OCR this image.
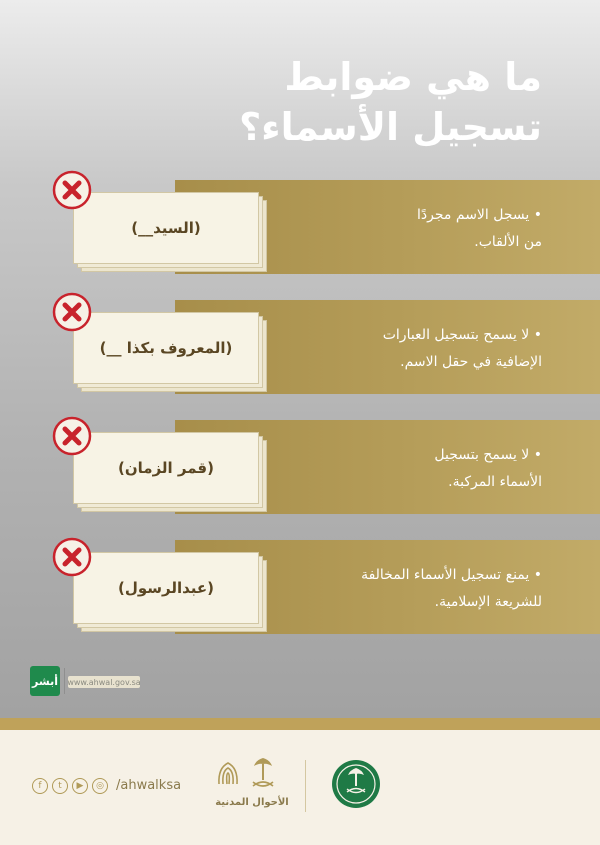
ما هي ضوابط
تسجيل الأسماء؟
• يسجل الاسم مجردًا
من الألقاب.
(السيد__)
• لا يسمح بتسجيل العبارات
الإضافية في حقل الاسم.
(المعروف بكذا __)
• لا يسمح بتسجيل
الأسماء المركبة.
(قمر الزمان)
• يمنع تسجيل الأسماء المخالفة
للشريعة الإسلامية.
(عبدالرسول)
أبشر www.ahwal.gov.sa
f	t	▶	◎ /ahwalksa
الأحوال المدنية
